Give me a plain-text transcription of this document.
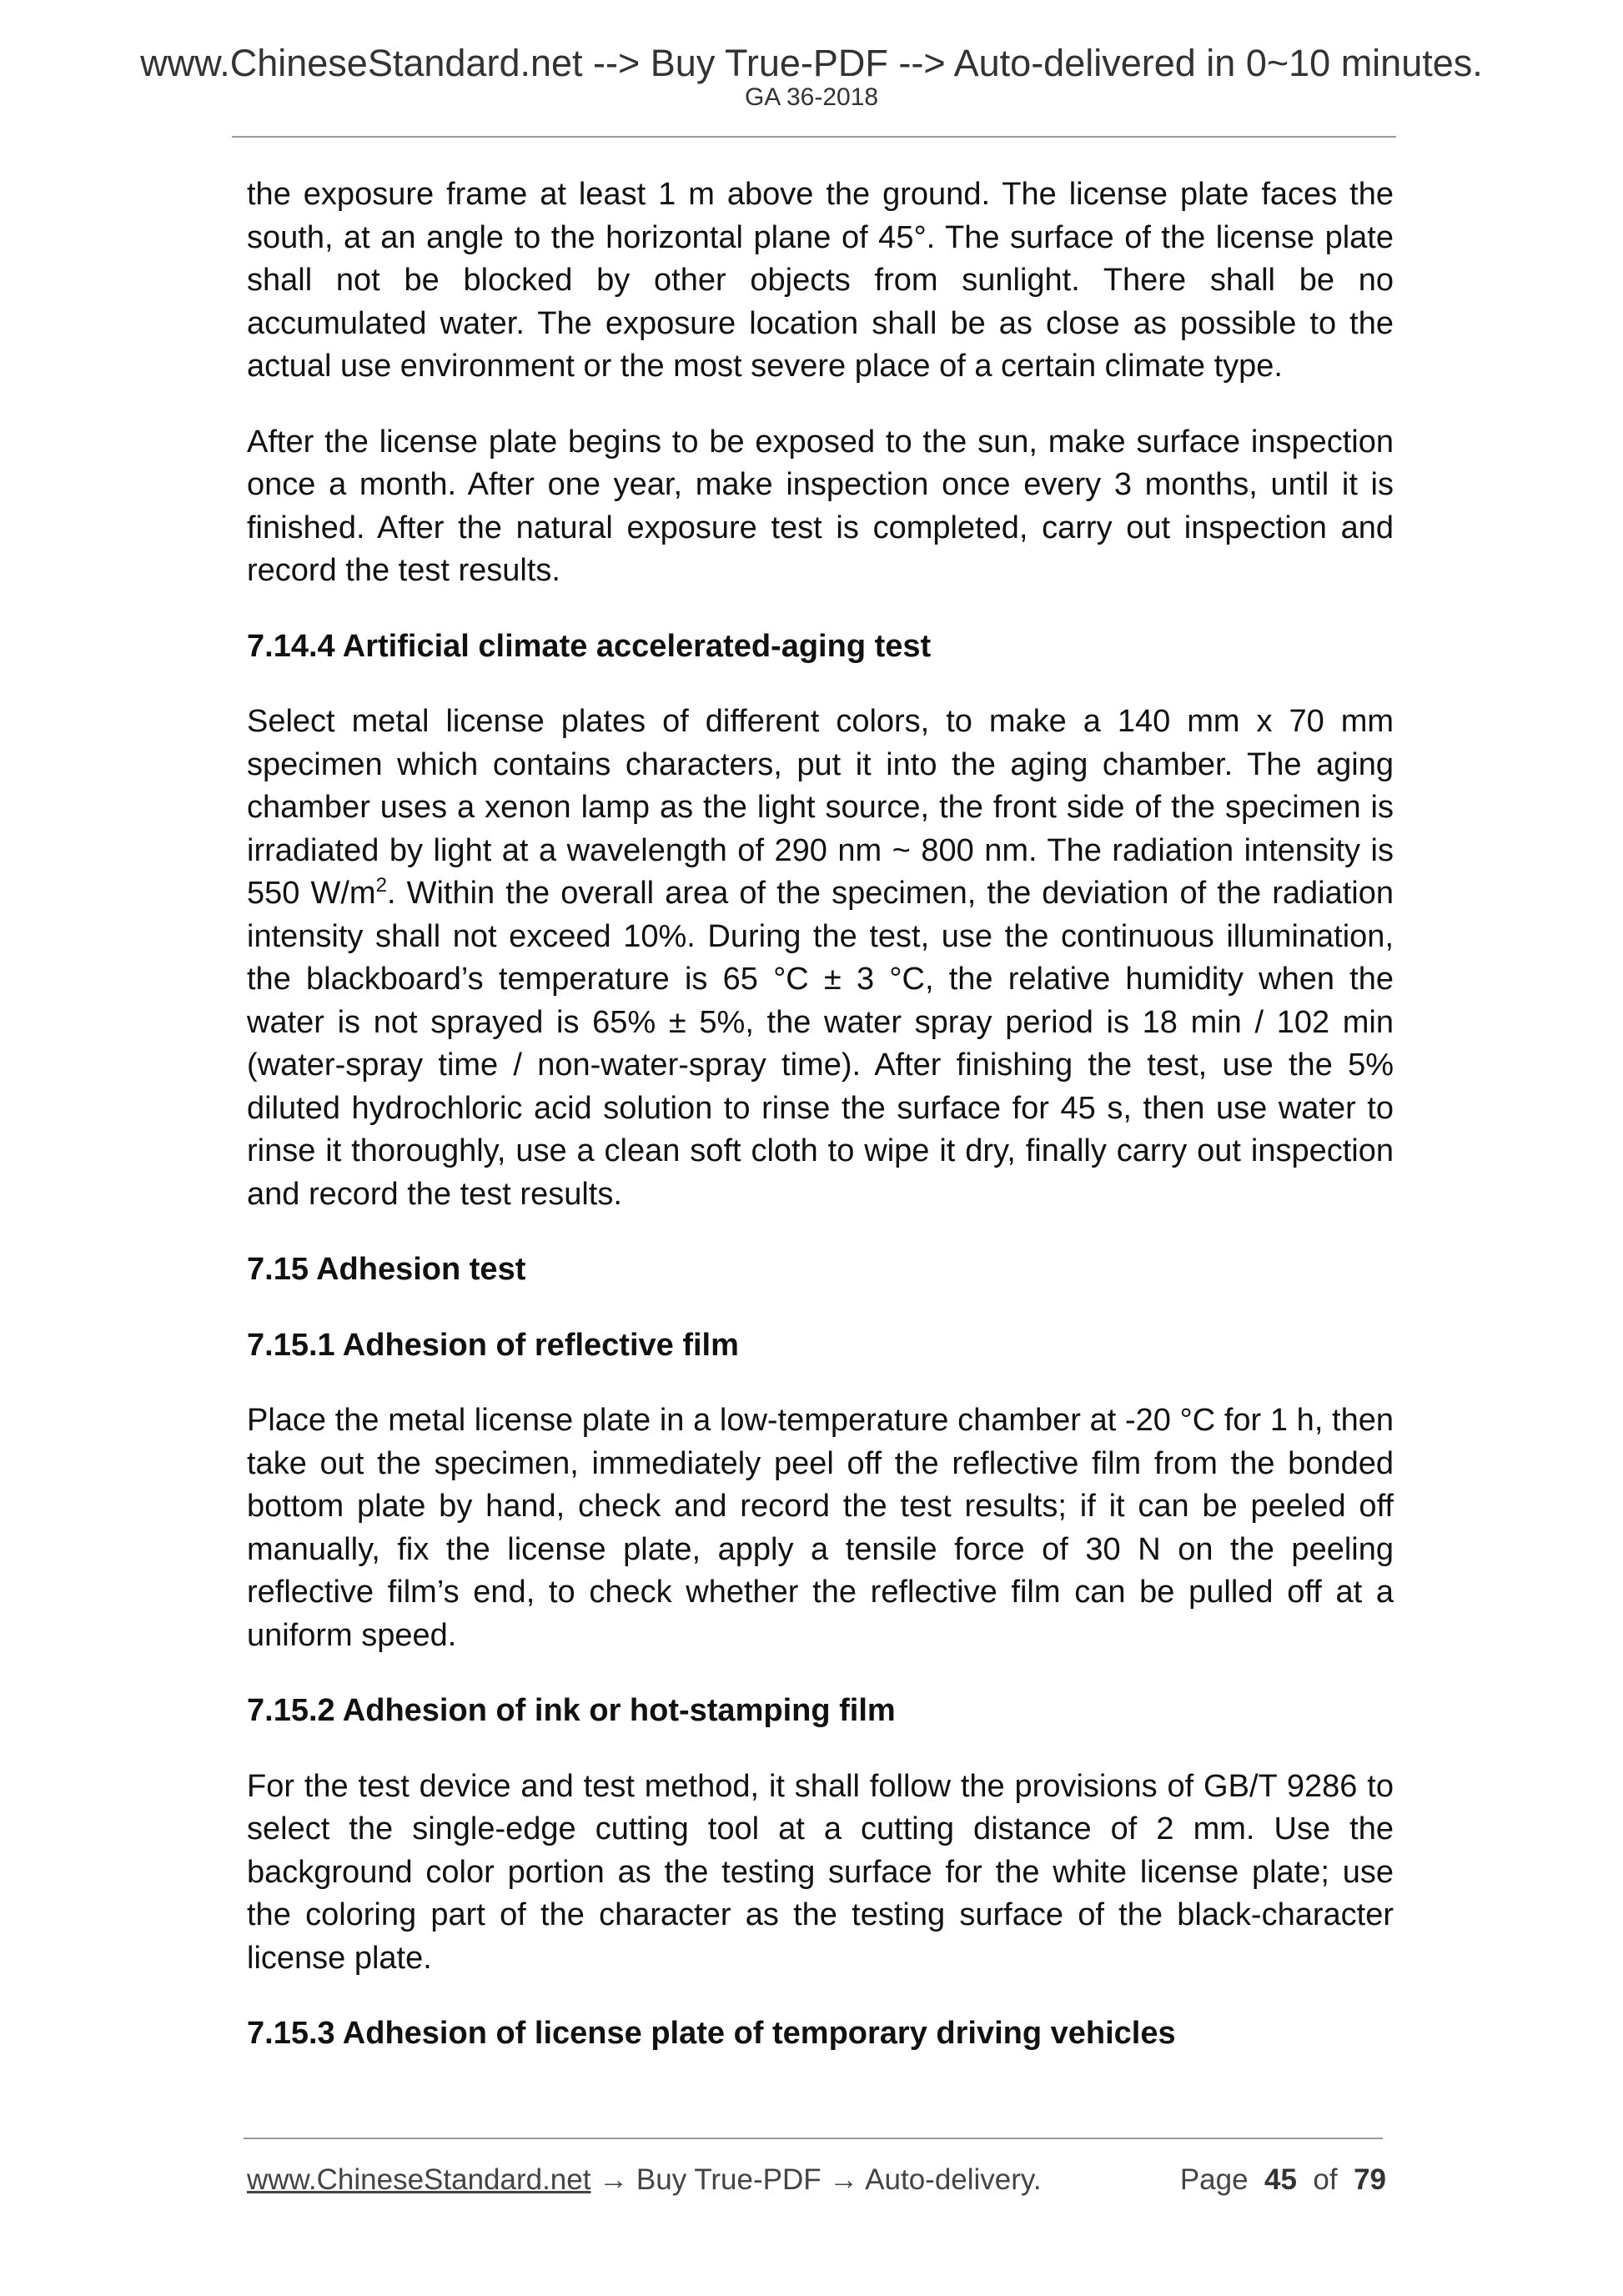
www.ChineseStandard.net --> Buy True-PDF --> Auto-delivered in 0~10 minutes.
GA 36-2018

the exposure frame at least 1 m above the ground. The license plate faces the south, at an angle to the horizontal plane of 45°. The surface of the license plate shall not be blocked by other objects from sunlight. There shall be no accumulated water. The exposure location shall be as close as possible to the actual use environment or the most severe place of a certain climate type.

After the license plate begins to be exposed to the sun, make surface inspection once a month. After one year, make inspection once every 3 months, until it is finished. After the natural exposure test is completed, carry out inspection and record the test results.

7.14.4 Artificial climate accelerated-aging test

Select metal license plates of different colors, to make a 140 mm x 70 mm specimen which contains characters, put it into the aging chamber. The aging chamber uses a xenon lamp as the light source, the front side of the specimen is irradiated by light at a wavelength of 290 nm ~ 800 nm. The radiation intensity is 550 $W/m^2$. Within the overall area of the specimen, the deviation of the radiation intensity shall not exceed 10%. During the test, use the continuous illumination, the blackboard’s temperature is 65 °C ± 3 °C, the relative humidity when the water is not sprayed is 65% ± 5%, the water spray period is 18 min / 102 min (water-spray time / non-water-spray time). After finishing the test, use the 5% diluted hydrochloric acid solution to rinse the surface for 45 s, then use water to rinse it thoroughly, use a clean soft cloth to wipe it dry, finally carry out inspection and record the test results.

7.15 Adhesion test
7.15.1 Adhesion of reflective film

Place the metal license plate in a low-temperature chamber at -20 °C for 1 h, then take out the specimen, immediately peel off the reflective film from the bonded bottom plate by hand, check and record the test results; if it can be peeled off manually, fix the license plate, apply a tensile force of 30 N on the peeling reflective film’s end, to check whether the reflective film can be pulled off at a uniform speed.

7.15.2 Adhesion of ink or hot-stamping film

For the test device and test method, it shall follow the provisions of GB/T 9286 to select the single-edge cutting tool at a cutting distance of 2 mm. Use the background color portion as the testing surface for the white license plate; use the coloring part of the character as the testing surface of the black-character license plate.

7.15.3 Adhesion of license plate of temporary driving vehicles
www.ChineseStandard.net → Buy True-PDF → Auto-delivery.	Page 45 of 79
